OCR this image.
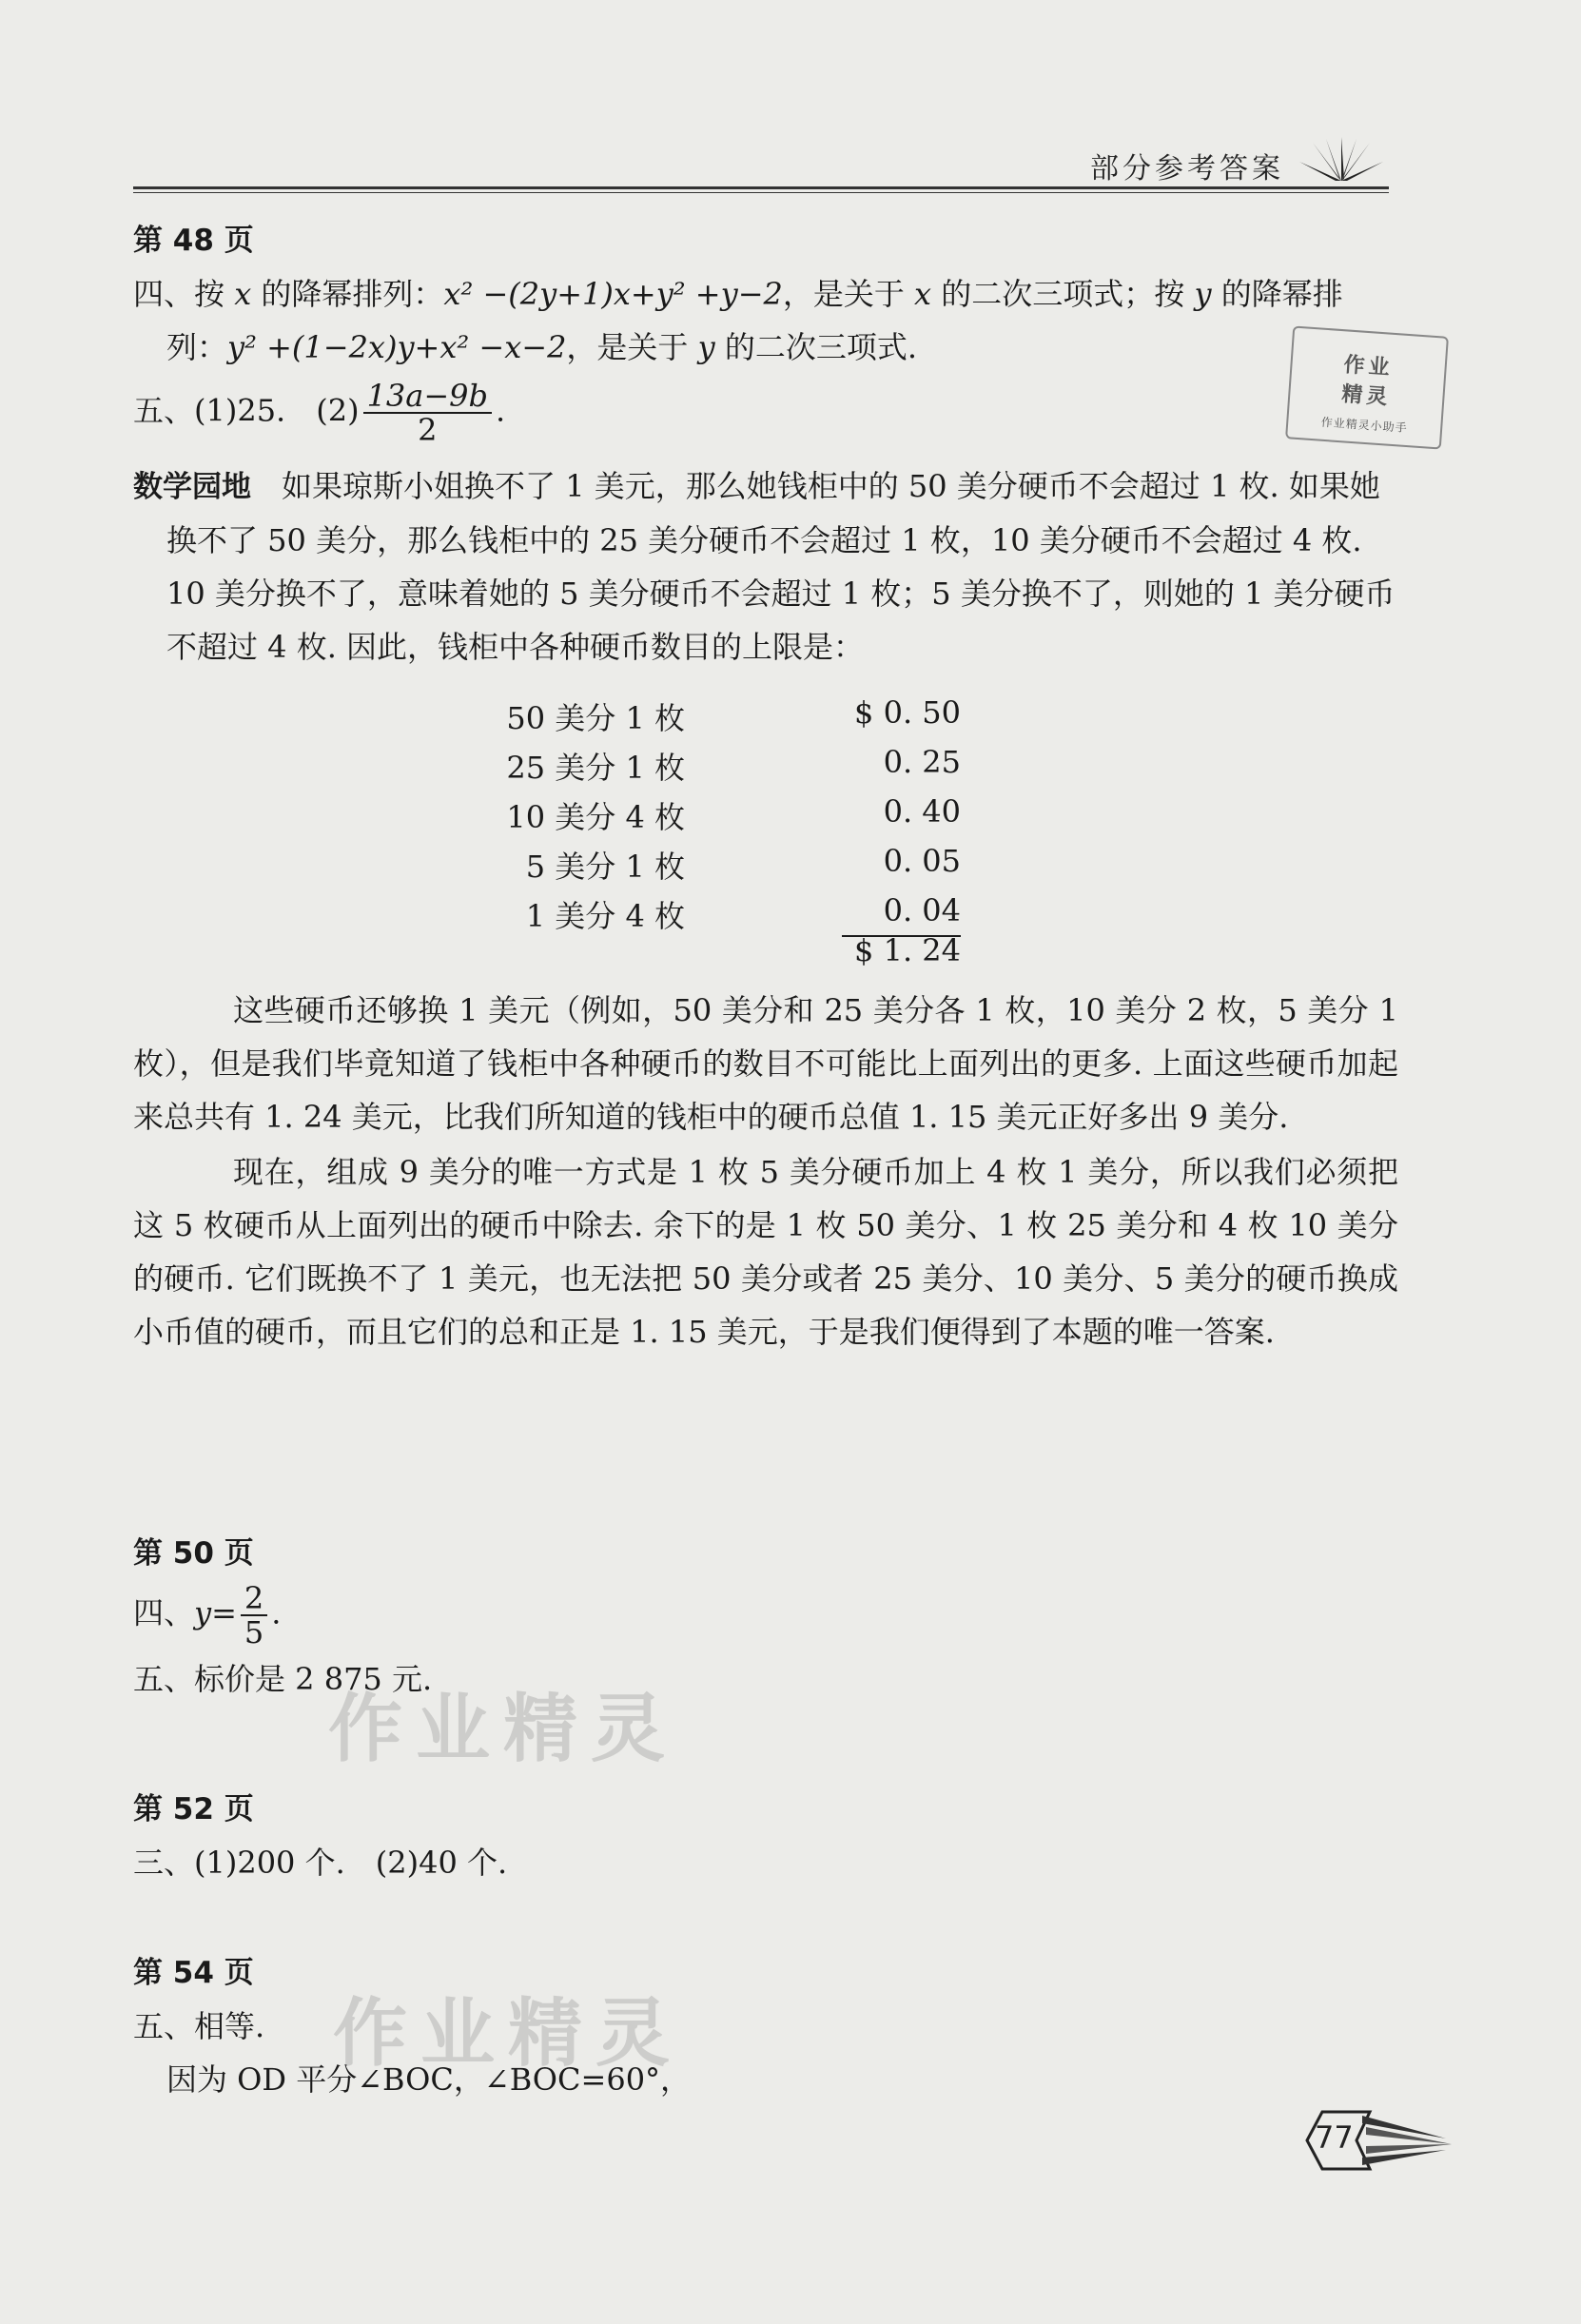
部分参考答案
作业
精灵
作业精灵小助手
第 48 页
四、按 x 的降幂排列：x² −(2y+1)x+y² +y−2，是关于 x 的二次三项式；按 y 的降幂排
列：y² +(1−2x)y+x² −x−2，是关于 y 的二次三项式.
五、(1)25.　$(2) \frac{13a-9b}{2}$ .
数学园地　 如果琼斯小姐换不了 1 美元，那么她钱柜中的 50 美分硬币不会超过 1 枚. 如果她换不了 50 美分，那么钱柜中的 25 美分硬币不会超过 1 枚，10 美分硬币不会超过 4 枚. 10 美分换不了，意味着她的 5 美分硬币不会超过 1 枚；5 美分换不了，则她的 1 美分硬币不超过 4 枚. 因此，钱柜中各种硬币数目的上限是：
50 美分 1 枚	$ 0. 50
25 美分 1 枚	0. 25
10 美分 4 枚	0. 40
5 美分 1 枚	0. 05
1 美分 4 枚	0. 04
$ 1. 24
这些硬币还够换 1 美元（例如，50 美分和 25 美分各 1 枚，10 美分 2 枚，5 美分 1 枚），但是我们毕竟知道了钱柜中各种硬币的数目不可能比上面列出的更多. 上面这些硬币加起来总共有 1. 24 美元，比我们所知道的钱柜中的硬币总值 1. 15 美元正好多出 9 美分.
现在，组成 9 美分的唯一方式是 1 枚 5 美分硬币加上 4 枚 1 美分，所以我们必须把这 5 枚硬币从上面列出的硬币中除去. 余下的是 1 枚 50 美分、1 枚 25 美分和 4 枚 10 美分的硬币. 它们既换不了 1 美元，也无法把 50 美分或者 25 美分、10 美分、5 美分的硬币换成小币值的硬币，而且它们的总和正是 1. 15 美元，于是我们便得到了本题的唯一答案.
第 50 页
四、$y= \frac{2}{5}$ .
五、标价是 2 875 元.
第 52 页
三、(1)200 个.　(2)40 个.
第 54 页
五、相等.
因为 OD 平分∠BOC，∠BOC=60°，
作业精灵
作业精灵
77
